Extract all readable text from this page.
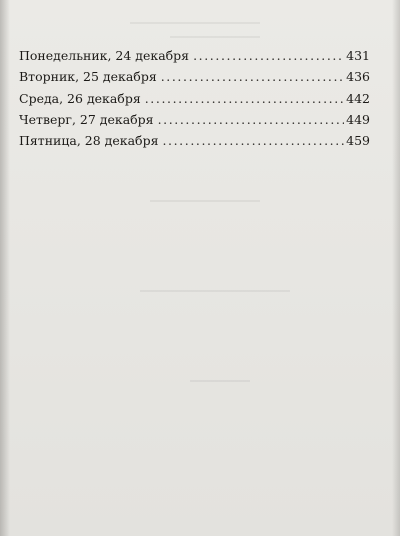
Понедельник, 24 декабря .....	431
Вторник, 25 декабря .....	436
Среда, 26 декабря .....	442
Четверг, 27 декабря .....	449
Пятница, 28 декабря .....	459
